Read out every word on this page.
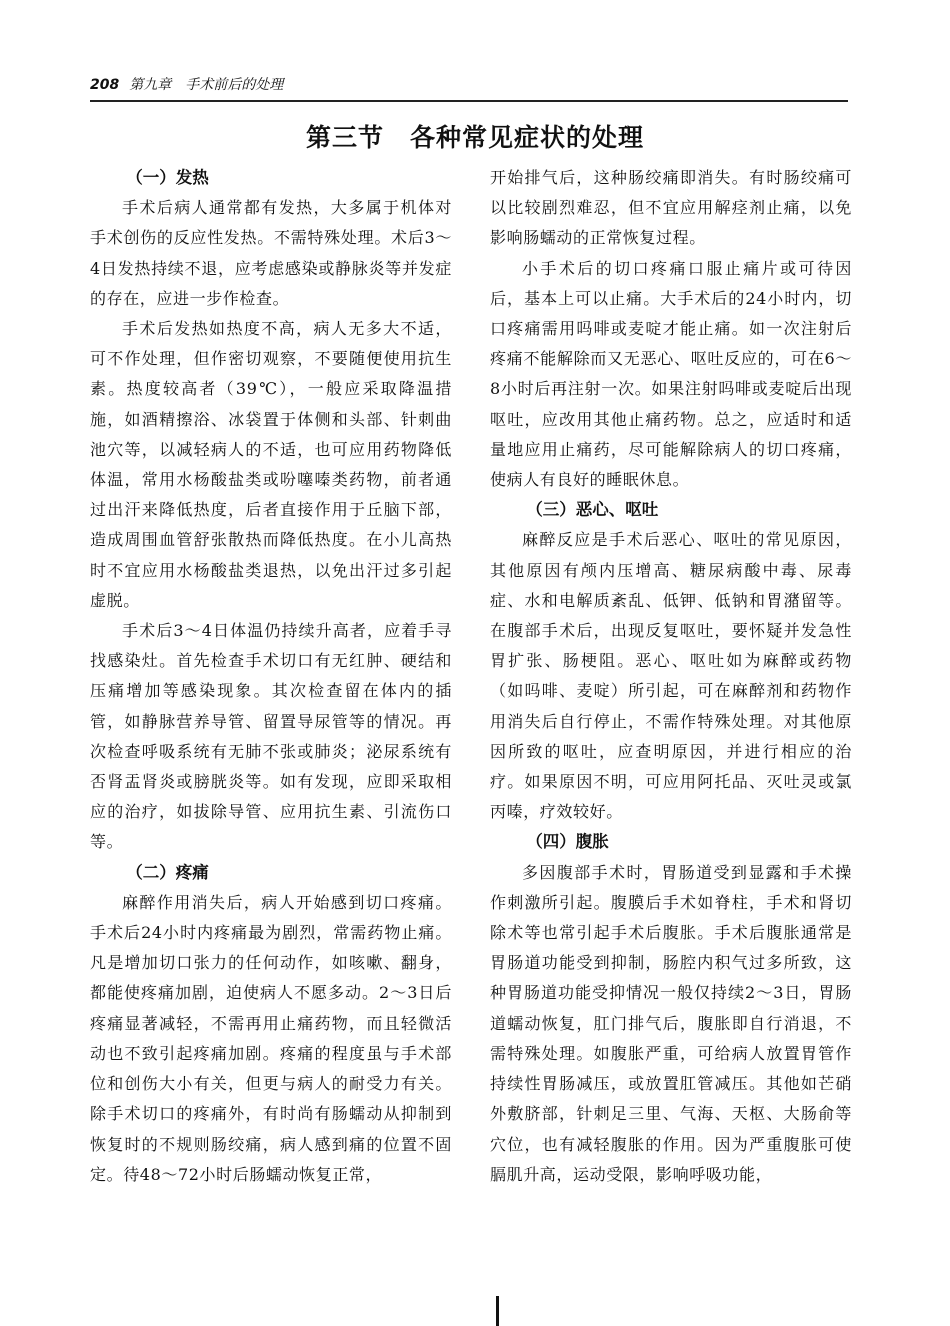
208 第九章　手术前后的处理
第三节　各种常见症状的处理
（一）发热

手术后病人通常都有发热，大多属于机体对手术创伤的反应性发热。不需特殊处理。术后3～4日发热持续不退，应考虑感染或静脉炎等并发症的存在，应进一步作检查。

手术后发热如热度不高，病人无多大不适，可不作处理，但作密切观察，不要随便使用抗生素。热度较高者（39℃），一般应采取降温措施，如酒精擦浴、冰袋置于体侧和头部、针刺曲池穴等，以减轻病人的不适，也可应用药物降低体温，常用水杨酸盐类或吩噻嗪类药物，前者通过出汗来降低热度，后者直接作用于丘脑下部，造成周围血管舒张散热而降低热度。在小儿高热时不宜应用水杨酸盐类退热，以免出汗过多引起虚脱。

手术后3～4日体温仍持续升高者，应着手寻找感染灶。首先检查手术切口有无红肿、硬结和压痛增加等感染现象。其次检查留在体内的插管，如静脉营养导管、留置导尿管等的情况。再次检查呼吸系统有无肺不张或肺炎；泌尿系统有否肾盂肾炎或膀胱炎等。如有发现，应即采取相应的治疗，如拔除导管、应用抗生素、引流伤口等。

（二）疼痛

麻醉作用消失后，病人开始感到切口疼痛。手术后24小时内疼痛最为剧烈，常需药物止痛。凡是增加切口张力的任何动作，如咳嗽、翻身，都能使疼痛加剧，迫使病人不愿多动。2～3日后疼痛显著减轻，不需再用止痛药物，而且轻微活动也不致引起疼痛加剧。疼痛的程度虽与手术部位和创伤大小有关，但更与病人的耐受力有关。除手术切口的疼痛外，有时尚有肠蠕动从抑制到恢复时的不规则肠绞痛，病人感到痛的位置不固定。待48～72小时后肠蠕动恢复正常，

开始排气后，这种肠绞痛即消失。有时肠绞痛可以比较剧烈难忍，但不宜应用解痉剂止痛，以免影响肠蠕动的正常恢复过程。

小手术后的切口疼痛口服止痛片或可待因后，基本上可以止痛。大手术后的24小时内，切口疼痛需用吗啡或麦啶才能止痛。如一次注射后疼痛不能解除而又无恶心、呕吐反应的，可在6～8小时后再注射一次。如果注射吗啡或麦啶后出现呕吐，应改用其他止痛药物。总之，应适时和适量地应用止痛药，尽可能解除病人的切口疼痛，使病人有良好的睡眠休息。

（三）恶心、呕吐

麻醉反应是手术后恶心、呕吐的常见原因，其他原因有颅内压增高、糖尿病酸中毒、尿毒症、水和电解质紊乱、低钾、低钠和胃潴留等。在腹部手术后，出现反复呕吐，要怀疑并发急性胃扩张、肠梗阻。恶心、呕吐如为麻醉或药物（如吗啡、麦啶）所引起，可在麻醉剂和药物作用消失后自行停止，不需作特殊处理。对其他原因所致的呕吐，应查明原因，并进行相应的治疗。如果原因不明，可应用阿托品、灭吐灵或氯丙嗪，疗效较好。

（四）腹胀

多因腹部手术时，胃肠道受到显露和手术操作刺激所引起。腹膜后手术如脊柱，手术和肾切除术等也常引起手术后腹胀。手术后腹胀通常是胃肠道功能受到抑制，肠腔内积气过多所致，这种胃肠道功能受抑情况一般仅持续2～3日，胃肠道蠕动恢复，肛门排气后，腹胀即自行消退，不需特殊处理。如腹胀严重，可给病人放置胃管作持续性胃肠减压，或放置肛管减压。其他如芒硝外敷脐部，针刺足三里、气海、天枢、大肠俞等穴位，也有减轻腹胀的作用。因为严重腹胀可使膈肌升高，运动受限，影响呼吸功能，
